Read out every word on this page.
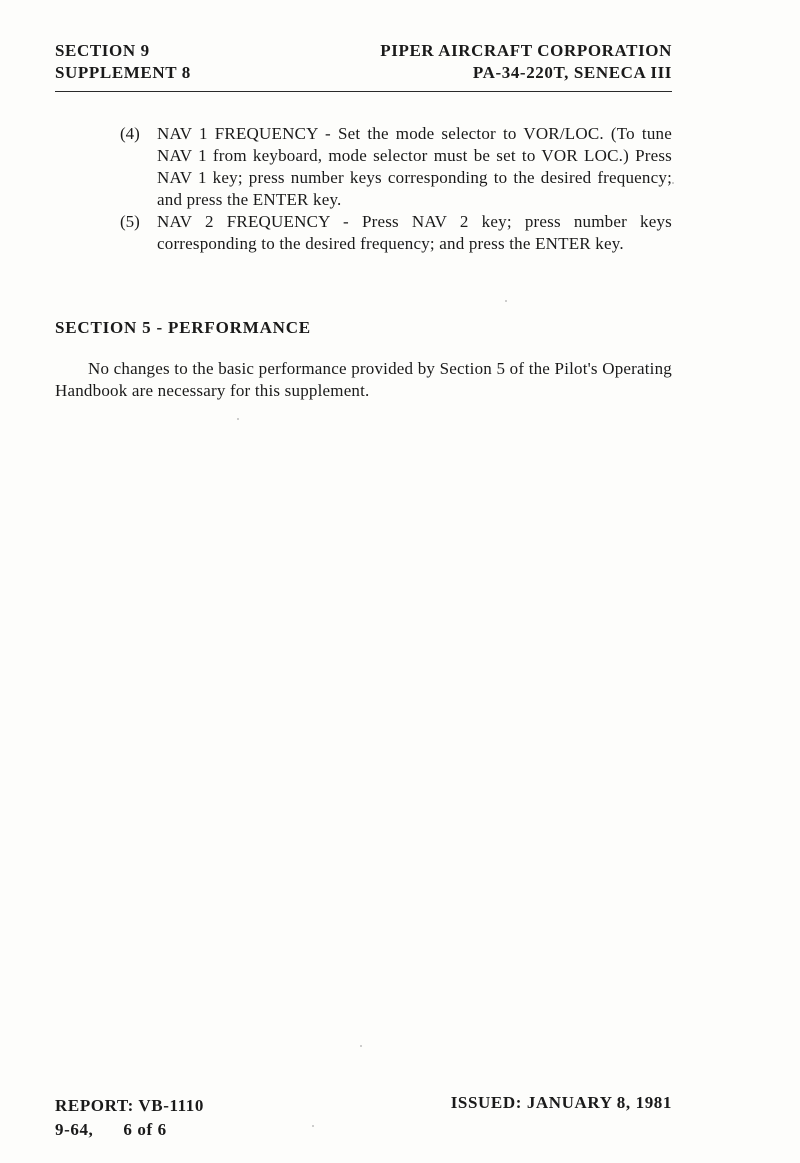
SECTION 9
SUPPLEMENT 8
PIPER AIRCRAFT CORPORATION
PA-34-220T, SENECA III
(4) NAV 1 FREQUENCY - Set the mode selector to VOR/LOC. (To tune NAV 1 from keyboard, mode selector must be set to VOR LOC.) Press NAV 1 key; press number keys corresponding to the desired frequency; and press the ENTER key.
(5) NAV 2 FREQUENCY - Press NAV 2 key; press number keys corresponding to the desired frequency; and press the ENTER key.
SECTION 5 - PERFORMANCE

No changes to the basic performance provided by Section 5 of the Pilot's Operating Handbook are necessary for this supplement.

REPORT: VB-1110
9-64, 6 of 6
ISSUED: JANUARY 8, 1981
